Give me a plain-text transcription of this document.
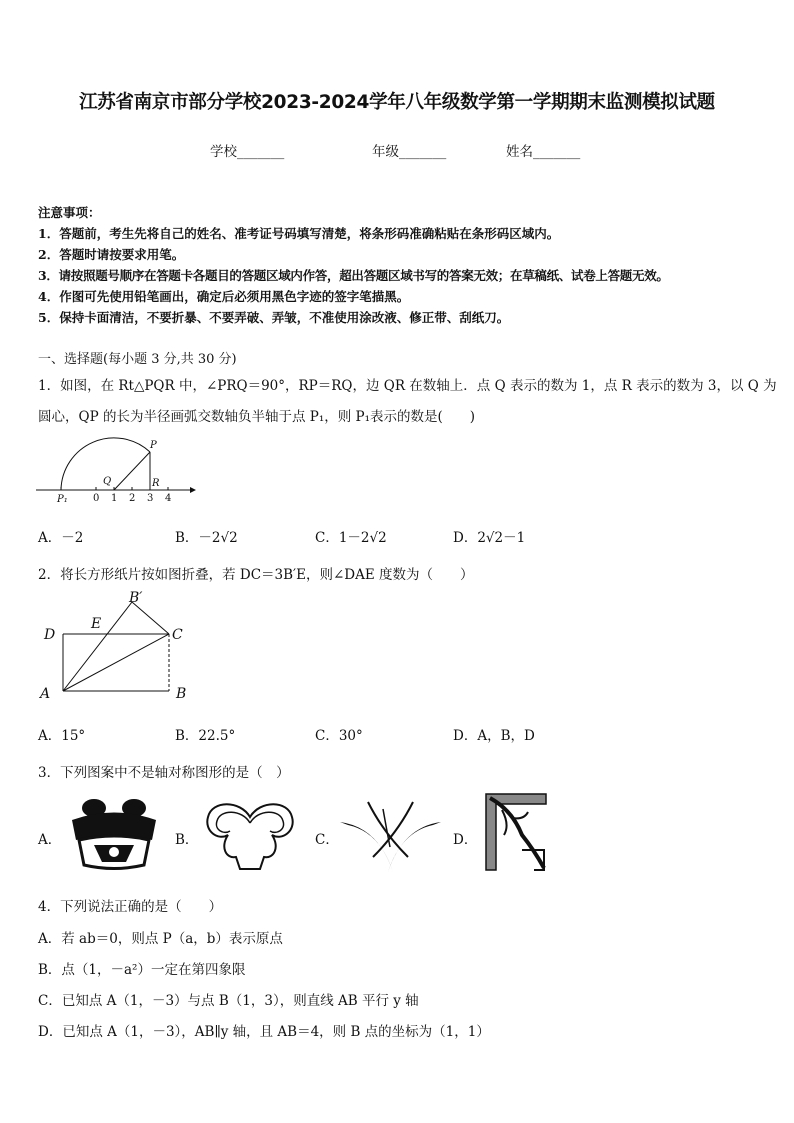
江苏省南京市部分学校2023-2024学年八年级数学第一学期期末监测模拟试题
学校_______	年级_______	姓名_______
注意事项：
1．答题前，考生先将自己的姓名、准考证号码填写清楚，将条形码准确粘贴在条形码区域内。
2．答题时请按要求用笔。
3．请按照题号顺序在答题卡各题目的答题区域内作答，超出答题区域书写的答案无效；在草稿纸、试卷上答题无效。
4．作图可先使用铅笔画出，确定后必须用黑色字迹的签字笔描黑。
5．保持卡面清洁，不要折暴、不要弄破、弄皱，不准使用涂改液、修正带、刮纸刀。
一、选择题(每小题 3 分,共 30 分)
1．如图，在 Rt△PQR 中，∠PRQ＝90°，RP＝RQ，边 QR 在数轴上．点 Q 表示的数为 1，点 R 表示的数为 3，以 Q 为
圆心，QP 的长为半径画弧交数轴负半轴于点 P₁，则 P₁表示的数是(　　)
P
Q	R
P₁	0 1 2 3 4
A．－2	B．－2√2	C．1－2√2	D．2√2－1
2．将长方形纸片按如图折叠，若 DC＝3B′E，则∠DAE 度数为（　　）
D
E
C
A	B
B′
A．15°	B．22.5°	C．30°	D．A，B，D
3．下列图案中不是轴对称图形的是（　）
A．	B．	C．	D．
4．下列说法正确的是（　　）
A．若 ab＝0，则点 P（a，b）表示原点
B．点（1，－a²）一定在第四象限
C．已知点 A（1，－3）与点 B（1，3），则直线 AB 平行 y 轴
D．已知点 A（1，－3），AB∥y 轴，且 AB＝4，则 B 点的坐标为（1，1）
